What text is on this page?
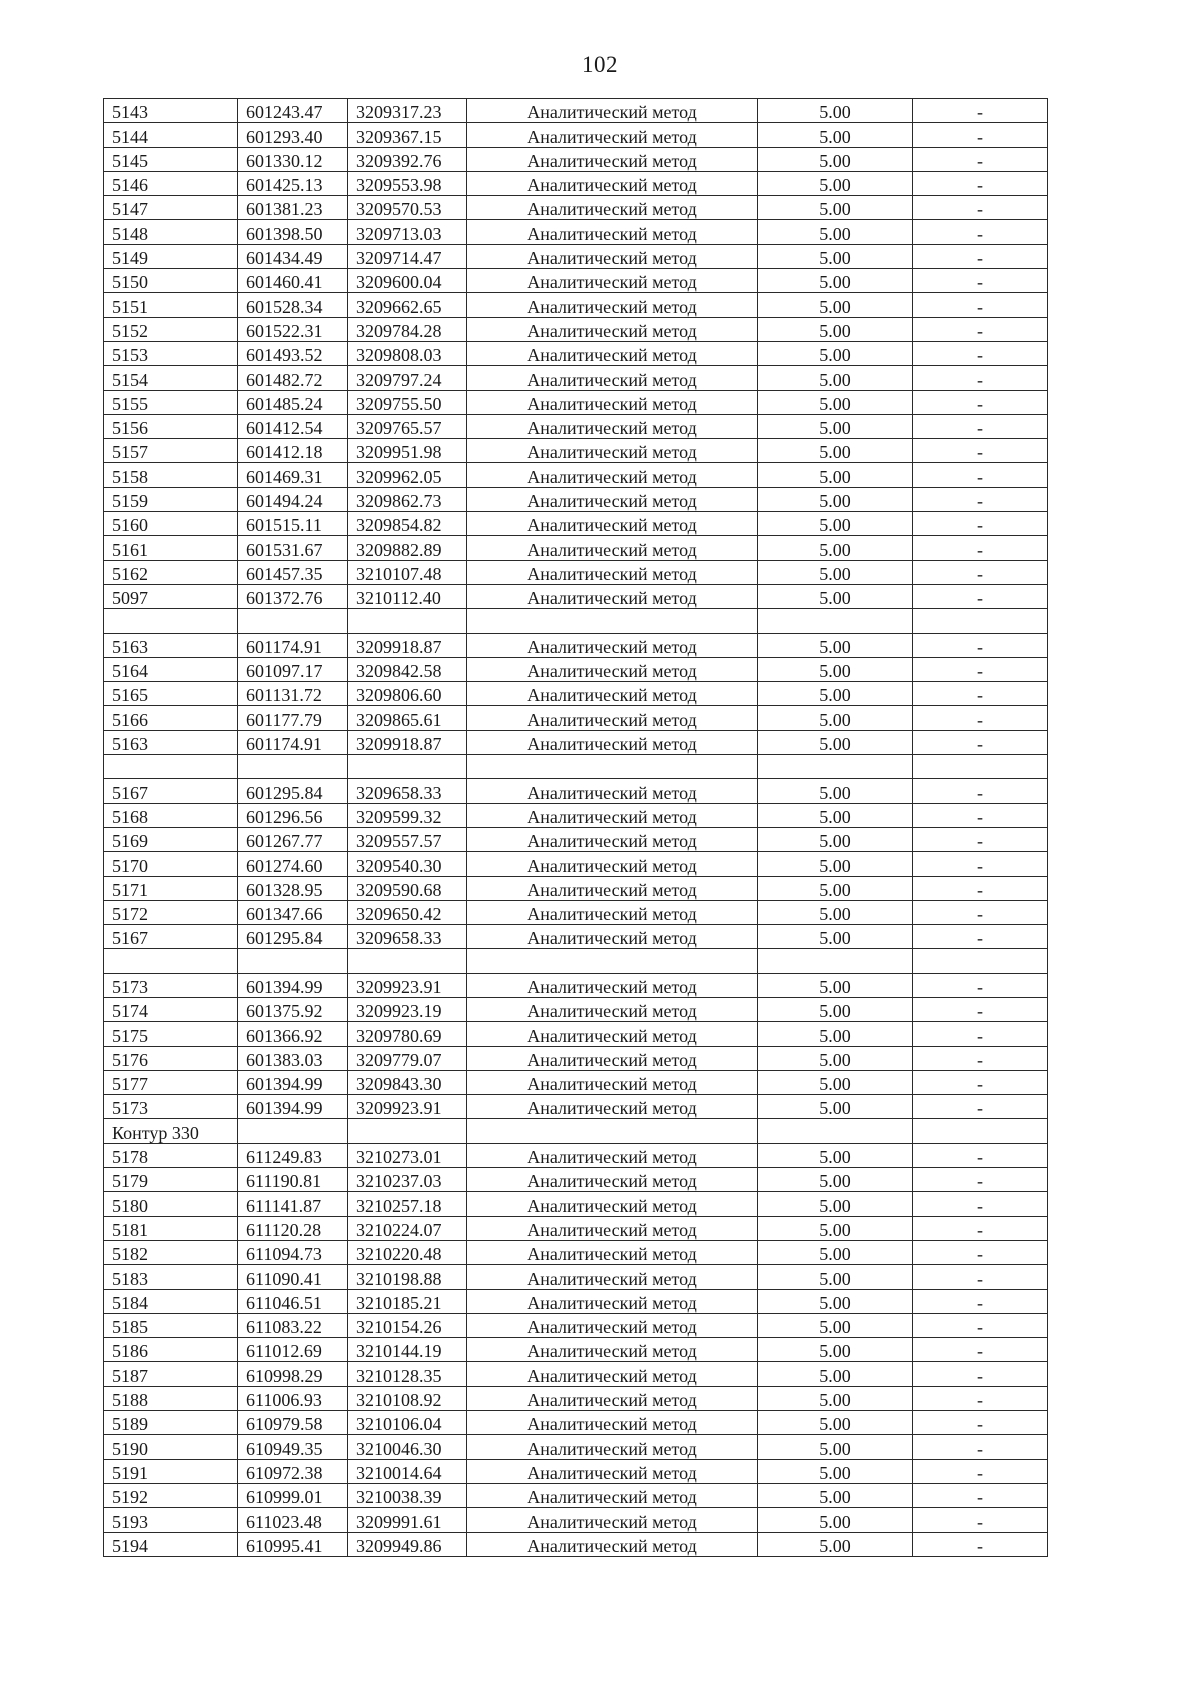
102
5143	601243.47	3209317.23	Аналитический метод	5.00	-
5144	601293.40	3209367.15	Аналитический метод	5.00	-
5145	601330.12	3209392.76	Аналитический метод	5.00	-
5146	601425.13	3209553.98	Аналитический метод	5.00	-
5147	601381.23	3209570.53	Аналитический метод	5.00	-
5148	601398.50	3209713.03	Аналитический метод	5.00	-
5149	601434.49	3209714.47	Аналитический метод	5.00	-
5150	601460.41	3209600.04	Аналитический метод	5.00	-
5151	601528.34	3209662.65	Аналитический метод	5.00	-
5152	601522.31	3209784.28	Аналитический метод	5.00	-
5153	601493.52	3209808.03	Аналитический метод	5.00	-
5154	601482.72	3209797.24	Аналитический метод	5.00	-
5155	601485.24	3209755.50	Аналитический метод	5.00	-
5156	601412.54	3209765.57	Аналитический метод	5.00	-
5157	601412.18	3209951.98	Аналитический метод	5.00	-
5158	601469.31	3209962.05	Аналитический метод	5.00	-
5159	601494.24	3209862.73	Аналитический метод	5.00	-
5160	601515.11	3209854.82	Аналитический метод	5.00	-
5161	601531.67	3209882.89	Аналитический метод	5.00	-
5162	601457.35	3210107.48	Аналитический метод	5.00	-
5097	601372.76	3210112.40	Аналитический метод	5.00	-

5163	601174.91	3209918.87	Аналитический метод	5.00	-
5164	601097.17	3209842.58	Аналитический метод	5.00	-
5165	601131.72	3209806.60	Аналитический метод	5.00	-
5166	601177.79	3209865.61	Аналитический метод	5.00	-
5163	601174.91	3209918.87	Аналитический метод	5.00	-

5167	601295.84	3209658.33	Аналитический метод	5.00	-
5168	601296.56	3209599.32	Аналитический метод	5.00	-
5169	601267.77	3209557.57	Аналитический метод	5.00	-
5170	601274.60	3209540.30	Аналитический метод	5.00	-
5171	601328.95	3209590.68	Аналитический метод	5.00	-
5172	601347.66	3209650.42	Аналитический метод	5.00	-
5167	601295.84	3209658.33	Аналитический метод	5.00	-

5173	601394.99	3209923.91	Аналитический метод	5.00	-
5174	601375.92	3209923.19	Аналитический метод	5.00	-
5175	601366.92	3209780.69	Аналитический метод	5.00	-
5176	601383.03	3209779.07	Аналитический метод	5.00	-
5177	601394.99	3209843.30	Аналитический метод	5.00	-
5173	601394.99	3209923.91	Аналитический метод	5.00	-
Контур 330					
5178	611249.83	3210273.01	Аналитический метод	5.00	-
5179	611190.81	3210237.03	Аналитический метод	5.00	-
5180	611141.87	3210257.18	Аналитический метод	5.00	-
5181	611120.28	3210224.07	Аналитический метод	5.00	-
5182	611094.73	3210220.48	Аналитический метод	5.00	-
5183	611090.41	3210198.88	Аналитический метод	5.00	-
5184	611046.51	3210185.21	Аналитический метод	5.00	-
5185	611083.22	3210154.26	Аналитический метод	5.00	-
5186	611012.69	3210144.19	Аналитический метод	5.00	-
5187	610998.29	3210128.35	Аналитический метод	5.00	-
5188	611006.93	3210108.92	Аналитический метод	5.00	-
5189	610979.58	3210106.04	Аналитический метод	5.00	-
5190	610949.35	3210046.30	Аналитический метод	5.00	-
5191	610972.38	3210014.64	Аналитический метод	5.00	-
5192	610999.01	3210038.39	Аналитический метод	5.00	-
5193	611023.48	3209991.61	Аналитический метод	5.00	-
5194	610995.41	3209949.86	Аналитический метод	5.00	-
